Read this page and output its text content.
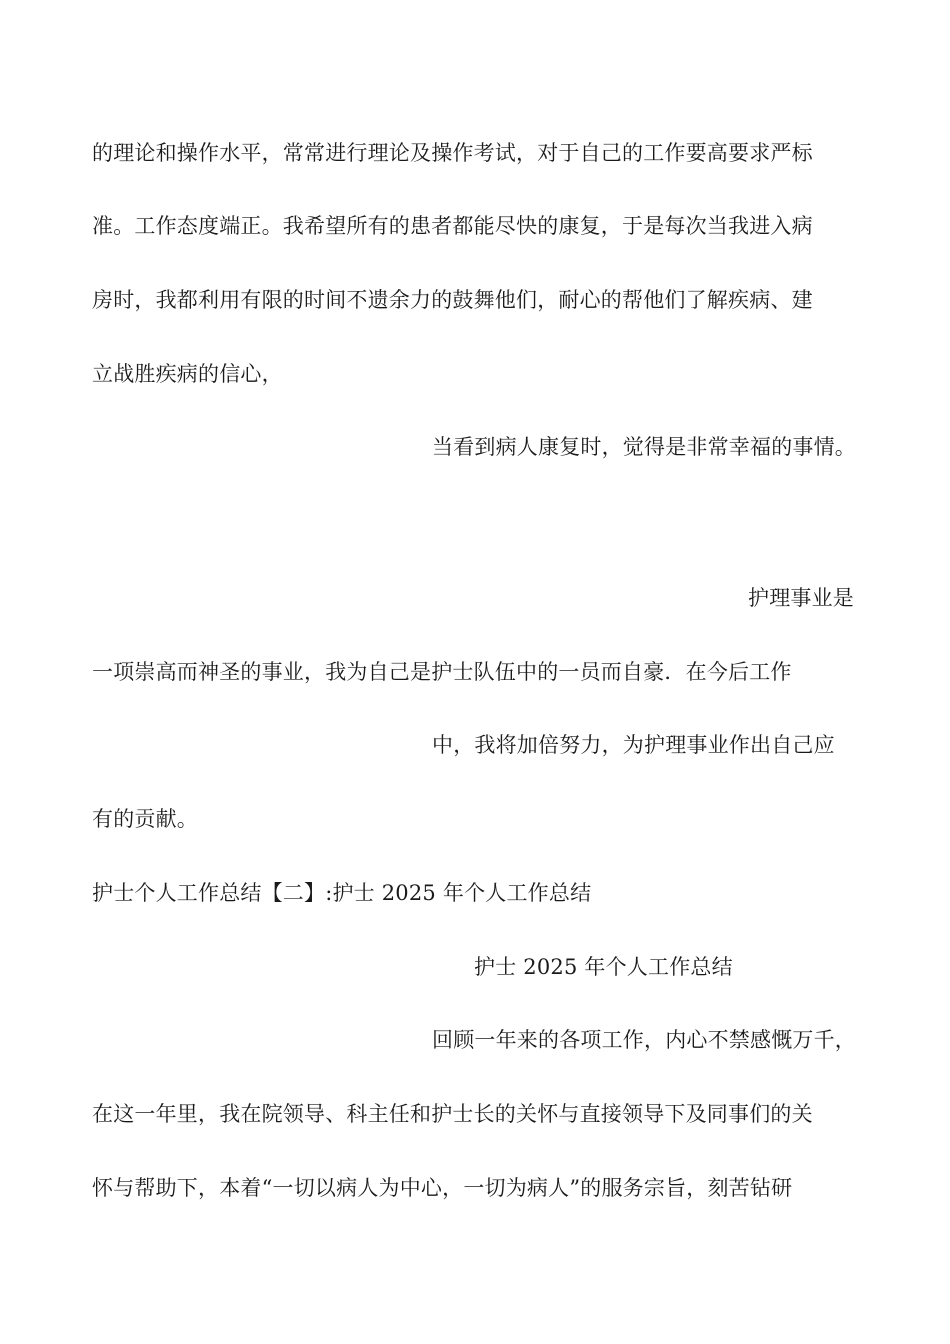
的理论和操作水平，常常进行理论及操作考试，对于自己的工作要高要求严标
准。工作态度端正。我希望所有的患者都能尽快的康复，于是每次当我进入病
房时，我都利用有限的时间不遗余力的鼓舞他们，耐心的帮他们了解疾病、建
立战胜疾病的信心，
当看到病人康复时，觉得是非常幸福的事情。
护理事业是
一项崇高而神圣的事业，我为自己是护士队伍中的一员而自豪．在今后工作
中，我将加倍努力，为护理事业作出自己应
有的贡献。
护士个人工作总结【二】:护士 2025 年个人工作总结
护士 2025 年个人工作总结
回顾一年来的各项工作，内心不禁感慨万千，
在这一年里，我在院领导、科主任和护士长的关怀与直接领导下及同事们的关
怀与帮助下，本着“一切以病人为中心，一切为病人”的服务宗旨，刻苦钻研
